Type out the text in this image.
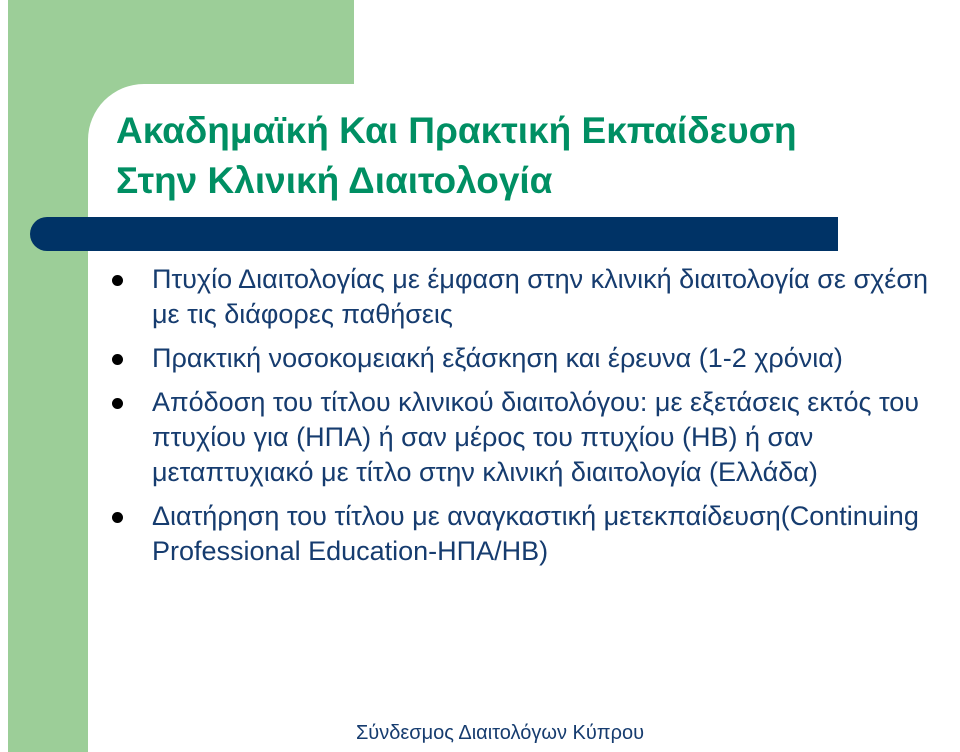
Ακαδημαϊκή Και Πρακτική Εκπαίδευση
Στην Κλινική Διαιτολογία
Πτυχίο Διαιτολογίας με έμφαση στην κλινική διαιτολογία σε σχέση με τις διάφορες παθήσεις
Πρακτική νοσοκομειακή εξάσκηση και έρευνα (1-2 χρόνια)
Απόδοση του τίτλου κλινικού διαιτολόγου: με εξετάσεις εκτός του πτυχίου για (ΗΠΑ) ή σαν μέρος του πτυχίου (ΗΒ) ή σαν μεταπτυχιακό με τίτλο στην κλινική διαιτολογία (Ελλάδα)
Διατήρηση του τίτλου με αναγκαστική μετεκπαίδευση(Continuing Professional Education-ΗΠΑ/ΗΒ)
Σύνδεσμος Διαιτολόγων Κύπρου
